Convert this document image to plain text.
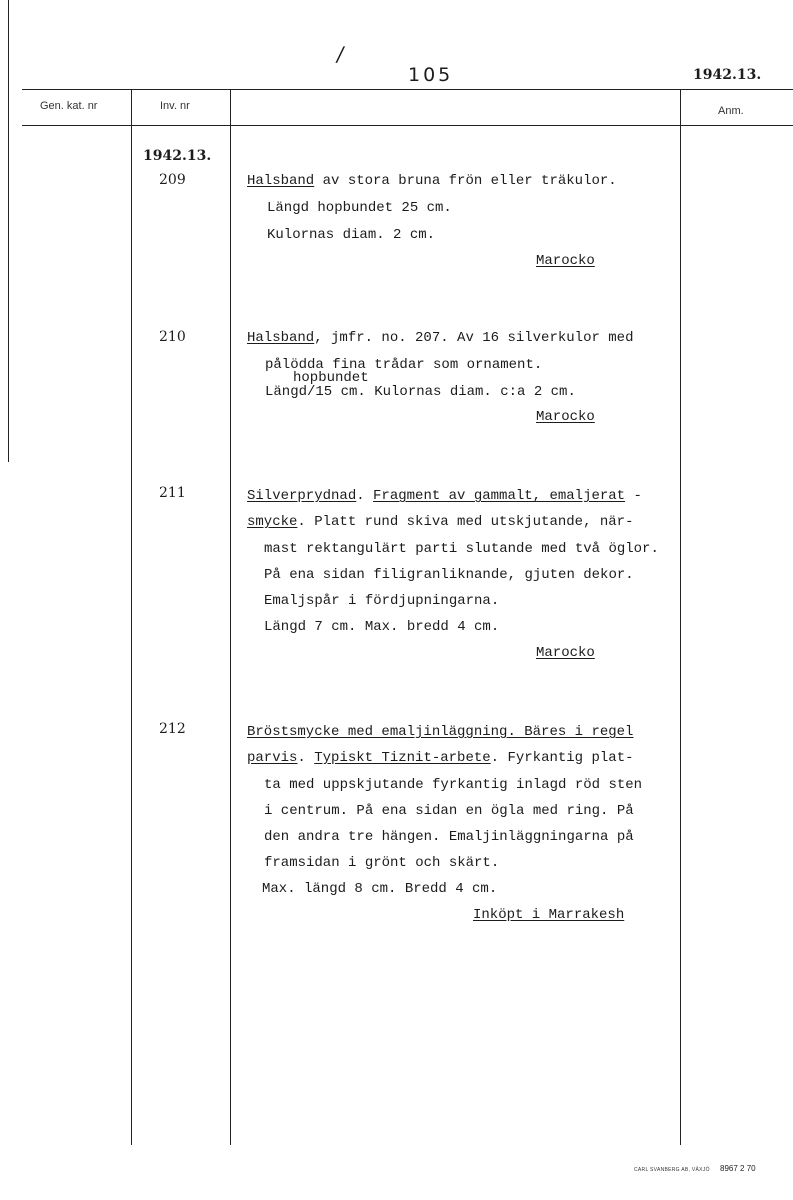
/
105	1942.13.
Gen. kat. nr	Inv. nr	Anm.
1942.13.
209	Halsband av stora bruna frön eller träkulor.
Längd hopbundet 25 cm.
Kulornas diam. 2 cm.
Marocko
210	Halsband, jmfr. no. 207. Av 16 silverkulor med
pålödda fina trådar som ornament.
hopbundet
Längd/15 cm. Kulornas diam. c:a 2 cm.
Marocko
211	Silverprydnad. Fragment av gammalt, emaljerat -
smycke. Platt rund skiva med utskjutande, när-
mast rektangulärt parti slutande med två öglor.
På ena sidan filigranliknande, gjuten dekor.
Emaljspår i fördjupningarna.
Längd 7 cm. Max. bredd 4 cm.
Marocko
212	Bröstsmycke med emaljinläggning. Bäres i regel
parvis. Typiskt Tiznit-arbete. Fyrkantig plat-
ta med uppskjutande fyrkantig inlagd röd sten
i centrum. På ena sidan en ögla med ring. På
den andra tre hängen. Emaljinläggningarna på
framsidan i grönt och skärt.
Max. längd 8 cm. Bredd 4 cm.
Inköpt i Marrakesh
CARL SVANBERG AB, VÄXJÖ 8967 2 70
